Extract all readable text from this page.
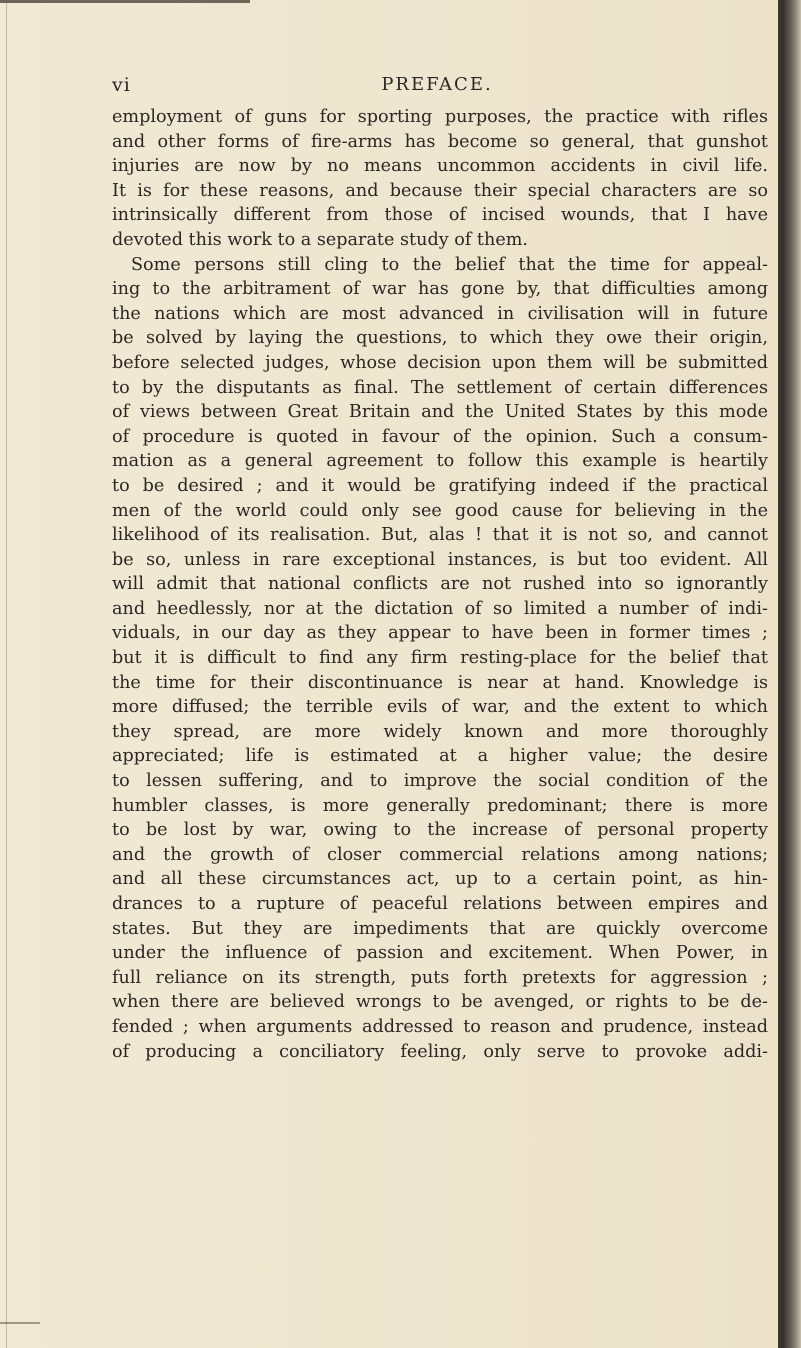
vi	PREFACE.
employment of guns for sporting purposes, the practice with rifles
and other forms of fire-arms has become so general, that gunshot
injuries are now by no means uncommon accidents in civil life.
It is for these reasons, and because their special characters are so
intrinsically different from those of incised wounds, that I have
devoted this work to a separate study of them.
Some persons still cling to the belief that the time for appeal-
ing to the arbitrament of war has gone by, that difficulties among
the nations which are most advanced in civilisation will in future
be solved by laying the questions, to which they owe their origin,
before selected judges, whose decision upon them will be submitted
to by the disputants as final. The settlement of certain differences
of views between Great Britain and the United States by this mode
of procedure is quoted in favour of the opinion. Such a consum-
mation as a general agreement to follow this example is heartily
to be desired ; and it would be gratifying indeed if the practical
men of the world could only see good cause for believing in the
likelihood of its realisation. But, alas ! that it is not so, and cannot
be so, unless in rare exceptional instances, is but too evident. All
will admit that national conflicts are not rushed into so ignorantly
and heedlessly, nor at the dictation of so limited a number of indi-
viduals, in our day as they appear to have been in former times ;
but it is difficult to find any firm resting-place for the belief that
the time for their discontinuance is near at hand. Knowledge is
more diffused; the terrible evils of war, and the extent to which
they spread, are more widely known and more thoroughly
appreciated; life is estimated at a higher value; the desire
to lessen suffering, and to improve the social condition of the
humbler classes, is more generally predominant; there is more
to be lost by war, owing to the increase of personal property
and the growth of closer commercial relations among nations;
and all these circumstances act, up to a certain point, as hin-
drances to a rupture of peaceful relations between empires and
states. But they are impediments that are quickly overcome
under the influence of passion and excitement. When Power, in
full reliance on its strength, puts forth pretexts for aggression ;
when there are believed wrongs to be avenged, or rights to be de-
fended ; when arguments addressed to reason and prudence, instead
of producing a conciliatory feeling, only serve to provoke addi-
